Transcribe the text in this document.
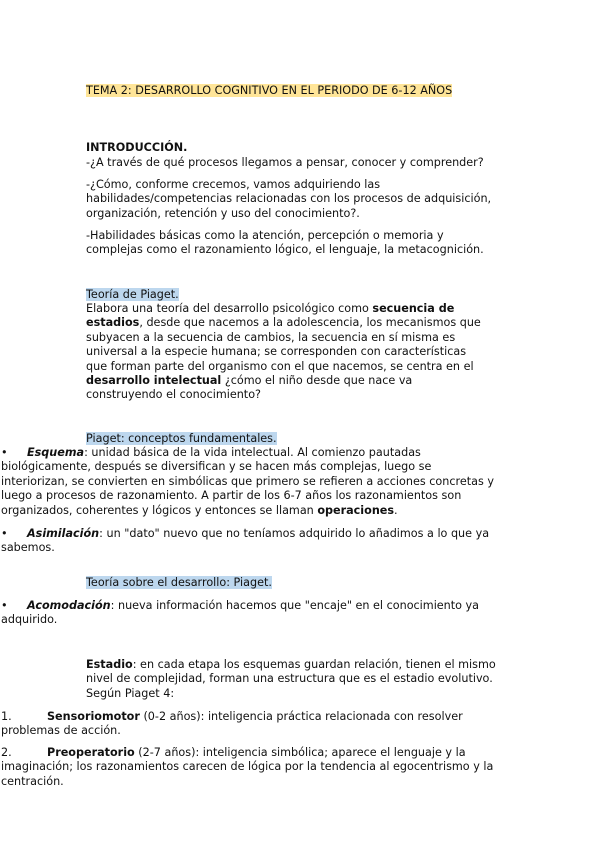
TEMA 2: DESARROLLO COGNITIVO EN EL PERIODO DE 6-12 AÑOS

INTRODUCCIÓN.

-¿A través de qué procesos llegamos a pensar, conocer y comprender?

-¿Cómo, conforme crecemos, vamos adquiriendo las habilidades/competencias relacionadas con los procesos de adquisición, organización, retención y uso del conocimiento?.

-Habilidades básicas como la atención, percepción o memoria y complejas como el razonamiento lógico, el lenguaje, la metacognición.

Teoría de Piaget.

Elabora una teoría del desarrollo psicológico como secuencia de estadios, desde que nacemos a la adolescencia, los mecanismos que subyacen a la secuencia de cambios, la secuencia en sí misma es universal a la especie humana; se corresponden con características que forman parte del organismo con el que nacemos, se centra en el desarrollo intelectual ¿cómo el niño desde que nace va construyendo el conocimiento?

Piaget: conceptos fundamentales.

• Esquema: unidad básica de la vida intelectual. Al comienzo pautadas biológicamente, después se diversifican y se hacen más complejas, luego se interiorizan, se convierten en simbólicas que primero se refieren a acciones concretas y luego a procesos de razonamiento. A partir de los 6-7 años los razonamientos son organizados, coherentes y lógicos y entonces se llaman operaciones.

• Asimilación: un "dato" nuevo que no teníamos adquirido lo añadimos a lo que ya sabemos.

Teoría sobre el desarrollo: Piaget.

• Acomodación: nueva información hacemos que "encaje" en el conocimiento ya adquirido.

Estadio: en cada etapa los esquemas guardan relación, tienen el mismo nivel de complejidad, forman una estructura que es el estadio evolutivo. Según Piaget 4:

1.	Sensoriomotor (0-2 años): inteligencia práctica relacionada con resolver problemas de acción.

2.	Preoperatorio (2-7 años): inteligencia simbólica; aparece el lenguaje y la imaginación; los razonamientos carecen de lógica por la tendencia al egocentrismo y la centración.
